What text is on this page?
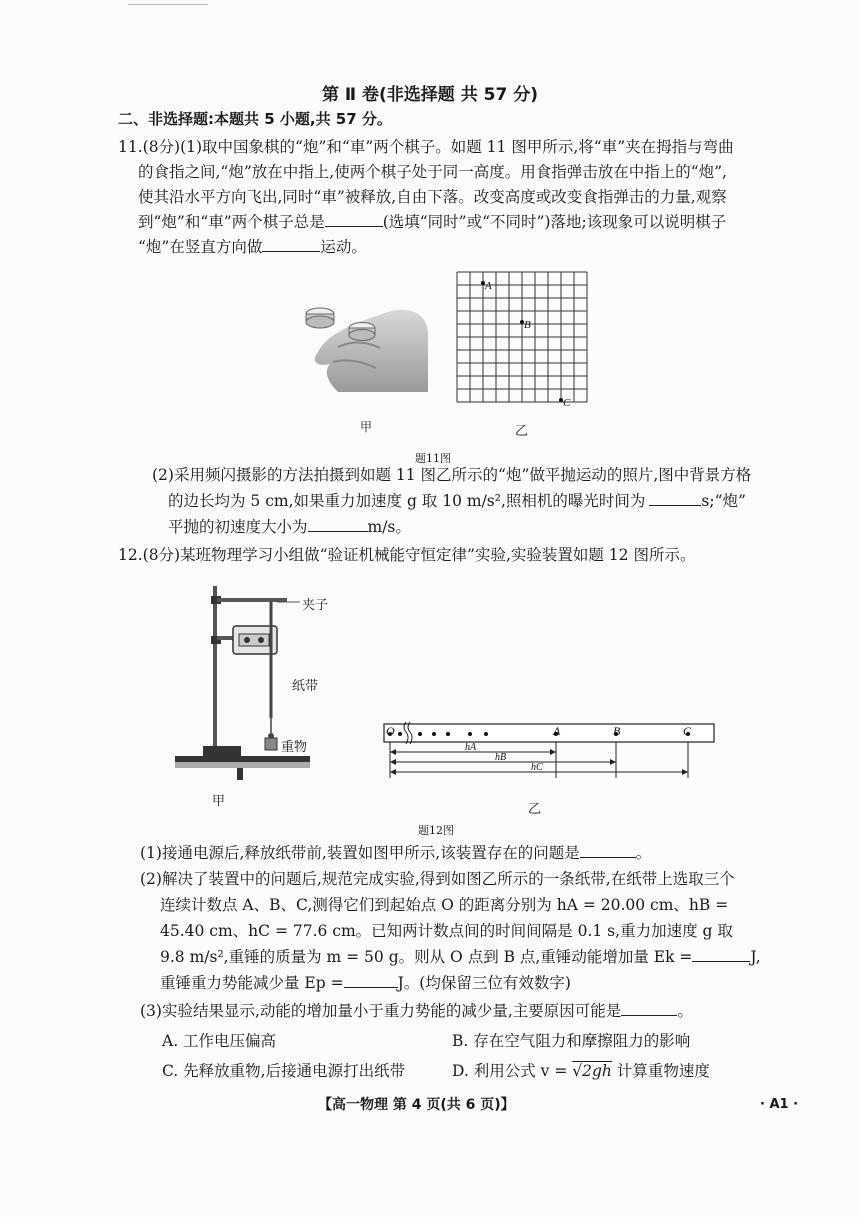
第 Ⅱ 卷(非选择题 共 57 分)
二、非选择题:本题共 5 小题,共 57 分。
11.(8分)(1)取中国象棋的“炮”和“車”两个棋子。如题 11 图甲所示,将“車”夹在拇指与弯曲
的食指之间,“炮”放在中指上,使两个棋子处于同一高度。用食指弹击放在中指上的“炮”,
使其沿水平方向飞出,同时“車”被释放,自由下落。改变高度或改变食指弹击的力量,观察
到“炮”和“車”两个棋子总是	(选填“同时”或“不同时”)落地;该现象可以说明棋子
“炮”在竖直方向做	运动。
甲
A
B
C
乙
题11图
(2)采用频闪摄影的方法拍摄到如题 11 图乙所示的“炮”做平抛运动的照片,图中背景方格
的边长均为 5 cm,如果重力加速度 g 取 10 m/s²,照相机的曝光时间为	s;“炮”
平抛的初速度大小为	m/s。
12.(8分)某班物理学习小组做“验证机械能守恒定律”实验,实验装置如题 12 图所示。
夹子
纸带
重物
甲
O	A	B	C
hA
hB
hC
乙
题12图
(1)接通电源后,释放纸带前,装置如图甲所示,该装置存在的问题是	。
(2)解决了装置中的问题后,规范完成实验,得到如图乙所示的一条纸带,在纸带上选取三个
连续计数点 A、B、C,测得它们到起始点 O 的距离分别为 hA = 20.00 cm、hB =
45.40 cm、hC = 77.6 cm。已知两计数点间的时间间隔是 0.1 s,重力加速度 g 取
9.8 m/s²,重锤的质量为 m = 50 g。则从 O 点到 B 点,重锤动能增加量 Ek =	J,
重锤重力势能减少量 Ep =	J。(均保留三位有效数字)
(3)实验结果显示,动能的增加量小于重力势能的减少量,主要原因可能是	。
A. 工作电压偏高	B. 存在空气阻力和摩擦阻力的影响
C. 先释放重物,后接通电源打出纸带	D. 利用公式 v = √2gh 计算重物速度
【高一物理 第 4 页(共 6 页)】	· A1 ·
